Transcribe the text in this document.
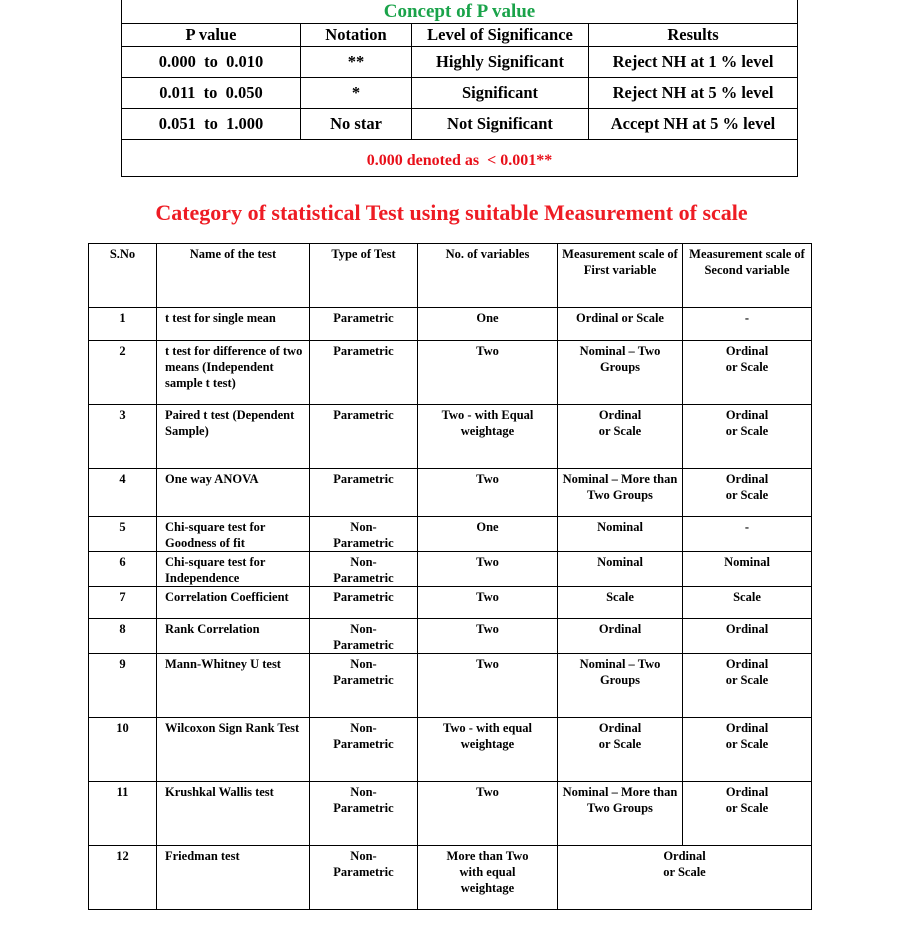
Concept of P value			
P value	Notation	Level of Significance	Results
0.000  to  0.010	**	Highly Significant	Reject NH at 1 % level
0.011  to  0.050	*	Significant	Reject NH at 5 % level
0.051  to  1.000	No star	Not Significant	Accept NH at 5 % level
0.000 denoted as  < 0.001**			
Category of statistical Test using suitable Measurement of scale
S.No	Name of the test	Type of Test	No. of variables	Measurement scale of First variable	Measurement scale of Second variable
1	t test for single mean	Parametric	One	Ordinal or Scale	-
2	t test for difference of two means (Independent sample t test)	Parametric	Two	Nominal – Two Groups	Ordinal or Scale
3	Paired t test (Dependent Sample)	Parametric	Two - with Equal weightage	Ordinal or Scale	Ordinal or Scale
4	One way ANOVA	Parametric	Two	Nominal – More than Two Groups	Ordinal or Scale
5	Chi-square test for Goodness of fit	Non-Parametric	One	Nominal	-
6	Chi-square test for Independence	Non-Parametric	Two	Nominal	Nominal
7	Correlation Coefficient	Parametric	Two	Scale	Scale
8	Rank Correlation	Non-Parametric	Two	Ordinal	Ordinal
9	Mann-Whitney U test	Non-Parametric	Two	Nominal – Two Groups	Ordinal or Scale
10	Wilcoxon Sign Rank Test	Non-Parametric	Two - with equal weightage	Ordinal or Scale	Ordinal or Scale
11	Krushkal Wallis test	Non-Parametric	Two	Nominal – More than Two Groups	Ordinal or Scale
12	Friedman test	Non-Parametric	More than Two with equal weightage	Ordinal or Scale	
